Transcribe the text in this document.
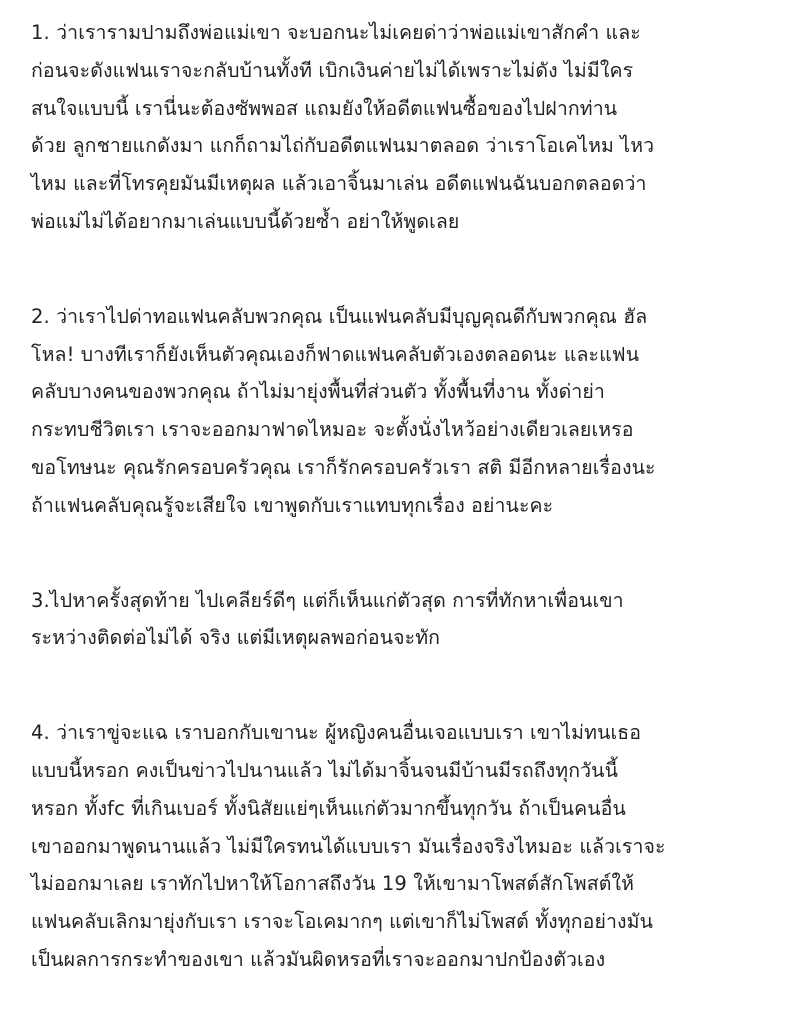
1. ว่าเรารามปามถึงพ่อแม่เขา จะบอกนะไม่เคยด่าว่าพ่อแม่เขาสักคำ และ
ก่อนจะดังแฟนเราจะกลับบ้านทั้งที เบิกเงินค่ายไม่ได้เพราะไม่ดัง ไม่มีใคร
สนใจแบบนี้ เรานี่นะต้องซัพพอส แถมยังให้อดีตแฟนซื้อของไปฝากท่าน
ด้วย ลูกชายแกดังมา แกก็ถามไถ่กับอดีตแฟนมาตลอด ว่าเราโอเคไหม ไหว
ไหม และที่โทรคุยมันมีเหตุผล แล้วเอาจิ้นมาเล่น อดีตแฟนฉันบอกตลอดว่า
พ่อแม่ไม่ได้อยากมาเล่นแบบนี้ด้วยซ้ำ อย่าให้พูดเลย

2. ว่าเราไปด่าทอแฟนคลับพวกคุณ เป็นแฟนคลับมีบุญคุณดีกับพวกคุณ ฮัล
โหล! บางทีเราก็ยังเห็นตัวคุณเองก็ฟาดแฟนคลับตัวเองตลอดนะ และแฟน
คลับบางคนของพวกคุณ ถ้าไม่มายุ่งพื้นที่ส่วนตัว ทั้งพื้นที่งาน ทั้งด่าย่า
กระทบชีวิตเรา เราจะออกมาฟาดไหมอะ จะตั้งนั่งไหว้อย่างเดียวเลยเหรอ
ขอโทษนะ คุณรักครอบครัวคุณ เราก็รักครอบครัวเรา สติ มีอีกหลายเรื่องนะ
ถ้าแฟนคลับคุณรู้จะเสียใจ เขาพูดกับเราแทบทุกเรื่อง อย่านะคะ

3.ไปหาครั้งสุดท้าย ไปเคลียร์ดีๆ แต่ก็เห็นแก่ตัวสุด การที่ทักหาเพื่อนเขา
ระหว่างติดต่อไม่ได้ จริง แต่มีเหตุผลพอก่อนจะทัก

4. ว่าเราขู่จะแฉ เราบอกกับเขานะ ผู้หญิงคนอื่นเจอแบบเรา เขาไม่ทนเธอ
แบบนี้หรอก คงเป็นข่าวไปนานแล้ว ไม่ได้มาจิ้นจนมีบ้านมีรถถึงทุกวันนี้
หรอก ทั้งfc ที่เกินเบอร์ ทั้งนิสัยแย่ๆเห็นแก่ตัวมากขึ้นทุกวัน ถ้าเป็นคนอื่น
เขาออกมาพูดนานแล้ว ไม่มีใครทนได้แบบเรา มันเรื่องจริงไหมอะ แล้วเราจะ
ไม่ออกมาเลย เราทักไปหาให้โอกาสถึงวัน 19 ให้เขามาโพสต์สักโพสต์ให้
แฟนคลับเลิกมายุ่งกับเรา เราจะโอเคมากๆ แต่เขาก็ไม่โพสต์ ทั้งทุกอย่างมัน
เป็นผลการกระทำของเขา แล้วมันผิดหรอที่เราจะออกมาปกป้องตัวเอง
